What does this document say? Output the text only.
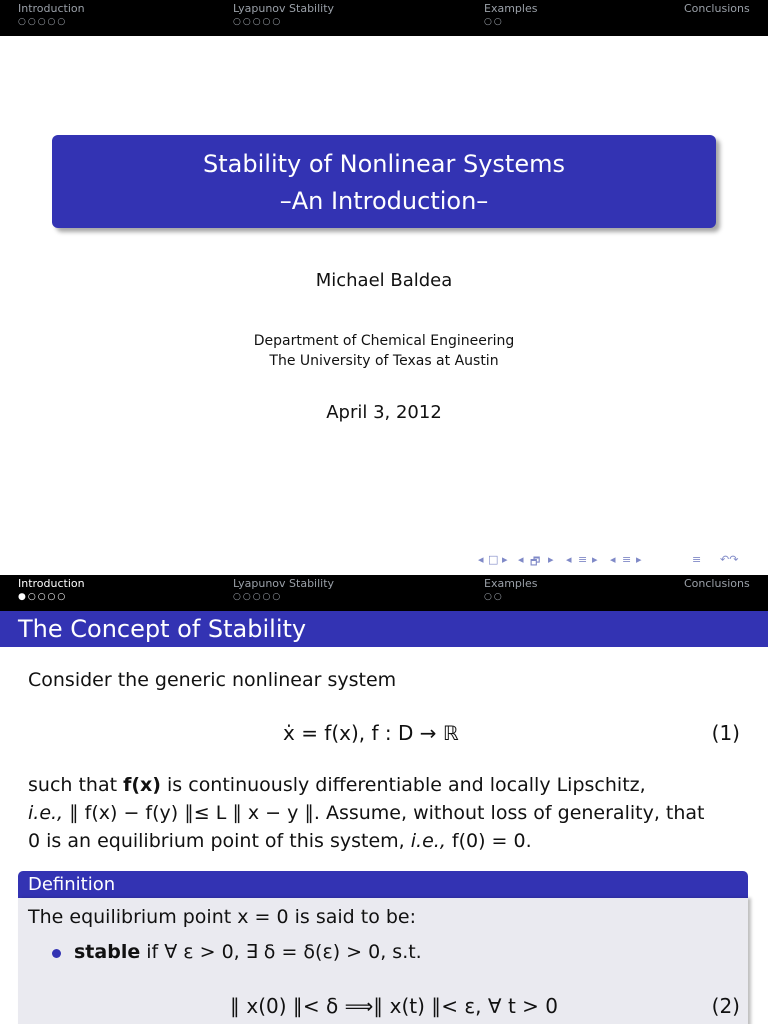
Introduction	Lyapunov Stability	Examples	Conclusions
○○○○○	○○○○○	○○
Stability of Nonlinear Systems
–An Introduction–
Michael Baldea
Department of Chemical Engineering
The University of Texas at Austin
April 3, 2012
◂ □ ▸ ◂ 🗗 ▸ ◂ ≡ ▸ ◂ ≡ ▸	≡ ↶↷
Introduction	Lyapunov Stability	Examples	Conclusions
●○○○○	○○○○○	○○
The Concept of Stability
Consider the generic nonlinear system
ẋ = f(x), f : D → ℝ	(1)
such that f(x) is continuously differentiable and locally Lipschitz,
i.e., ∥ f(x) − f(y) ∥≤ L ∥ x − y ∥. Assume, without loss of generality, that
0 is an equilibrium point of this system, i.e., f(0) = 0.
Definition
The equilibrium point x = 0 is said to be:
stable if ∀ ε > 0, ∃ δ = δ(ε) > 0, s.t.
∥ x(0) ∥< δ ⟹∥ x(t) ∥< ε, ∀ t > 0	(2)
